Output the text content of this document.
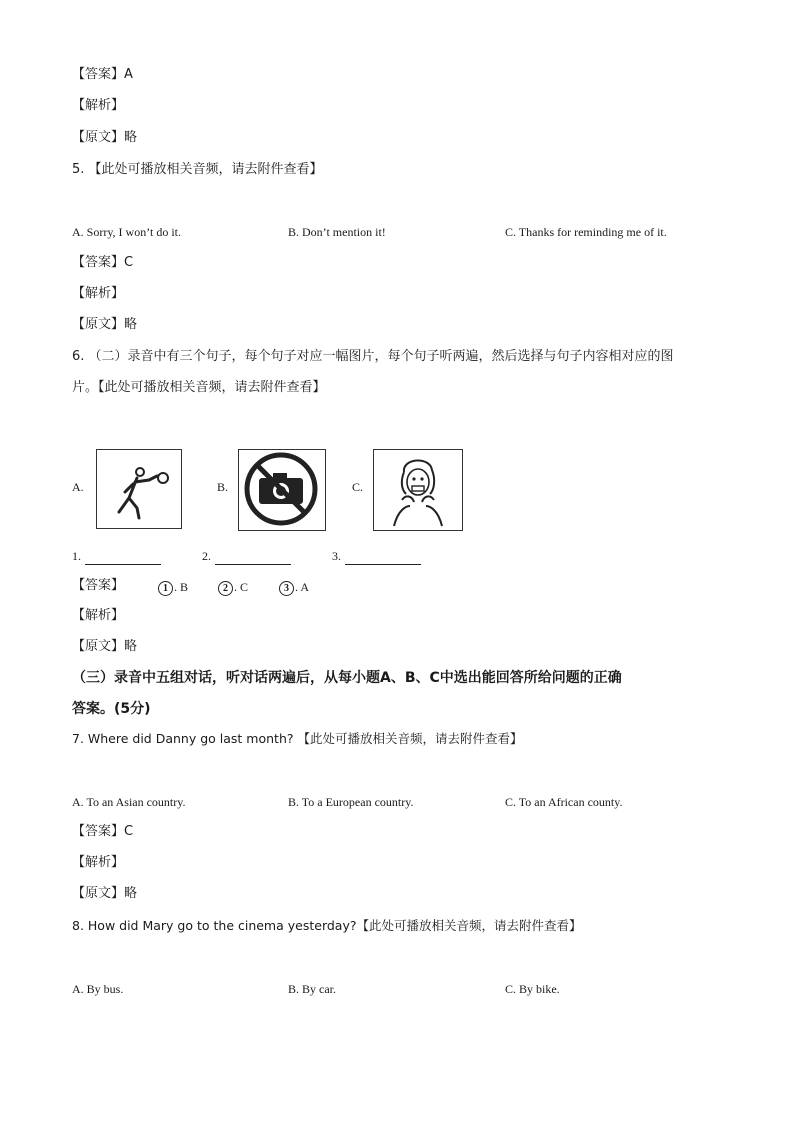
【答案】A
【解析】
【原文】略
5. 【此处可播放相关音频，请去附件查看】
A. Sorry, I won’t do it.	B. Don’t mention it!	C. Thanks for reminding me of it.
【答案】C
【解析】
【原文】略
6. （二）录音中有三个句子，每个句子对应一幅图片，每个句子听两遍，然后选择与句子内容相对应的图
片。【此处可播放相关音频，请去附件查看】
A.	B.	C.
1.	2.	3.
【答案】	1 . B	2 . C	3 . A
【解析】
【原文】略
（三）录音中五组对话，听对话两遍后，从每小题A、B、C中选出能回答所给问题的正确
答案。(5分)
7. Where did Danny go last month? 【此处可播放相关音频，请去附件查看】
A. To an Asian country.	B. To a European country.	C. To an African county.
【答案】C
【解析】
【原文】略
8. How did Mary go to the cinema yesterday?【此处可播放相关音频，请去附件查看】
A. By bus.	B. By car.	C. By bike.
